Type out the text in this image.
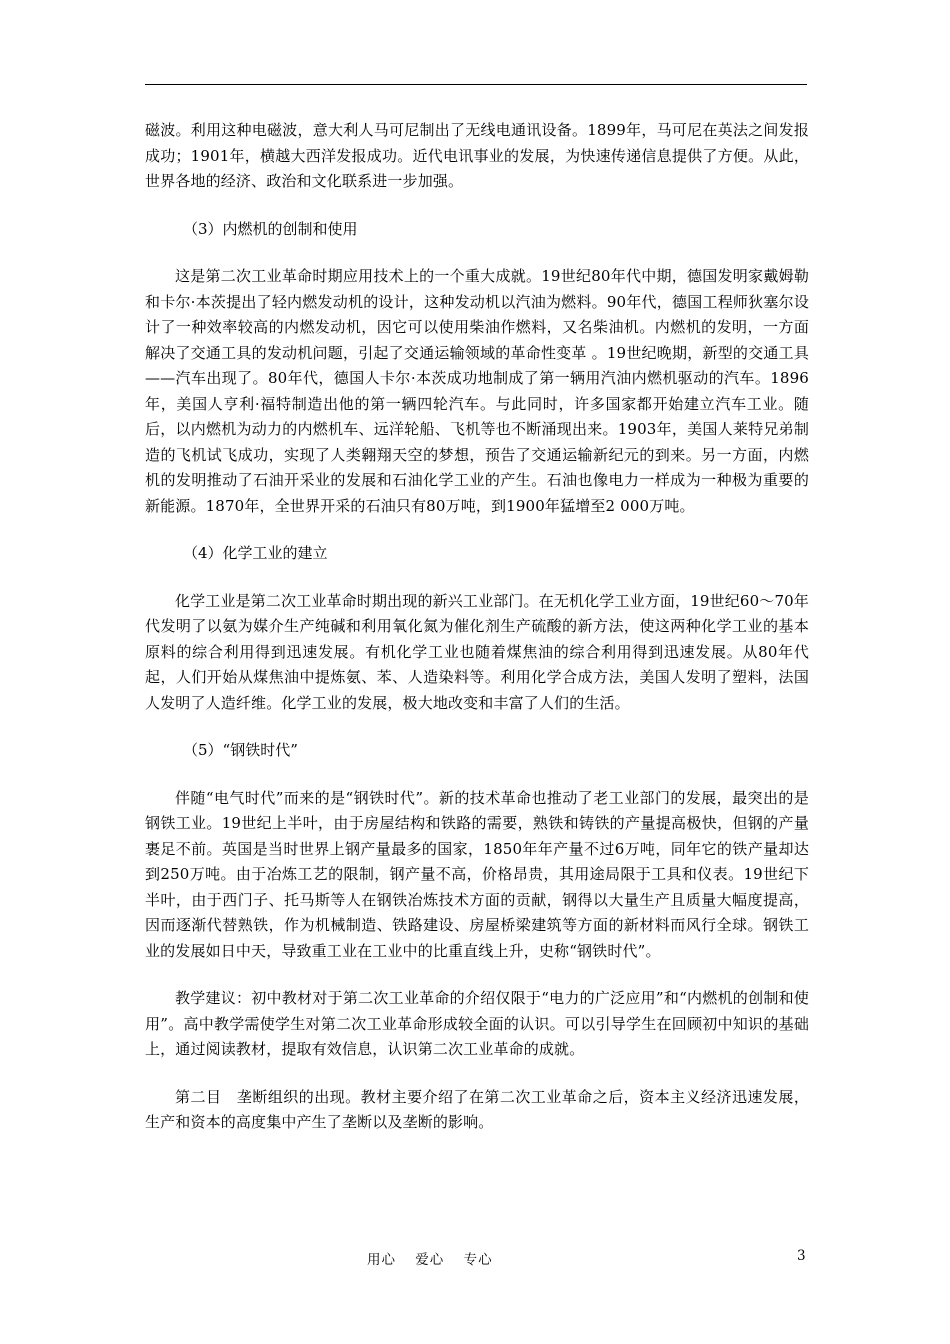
磁波。利用这种电磁波，意大利人马可尼制出了无线电通讯设备。1899年，马可尼在英法之间发报成功；1901年，横越大西洋发报成功。近代电讯事业的发展，为快速传递信息提供了方便。从此，世界各地的经济、政治和文化联系进一步加强。

（3）内燃机的创制和使用

这是第二次工业革命时期应用技术上的一个重大成就。19世纪80年代中期，德国发明家戴姆勒和卡尔·本茨提出了轻内燃发动机的设计，这种发动机以汽油为燃料。90年代，德国工程师狄塞尔设计了一种效率较高的内燃发动机，因它可以使用柴油作燃料，又名柴油机。内燃机的发明，一方面解决了交通工具的发动机问题，引起了交通运输领域的革命性变革 。19世纪晚期，新型的交通工具——汽车出现了。80年代，德国人卡尔·本茨成功地制成了第一辆用汽油内燃机驱动的汽车。1896年，美国人亨利·福特制造出他的第一辆四轮汽车。与此同时，许多国家都开始建立汽车工业。随后，以内燃机为动力的内燃机车、远洋轮船、飞机等也不断涌现出来。1903年，美国人莱特兄弟制造的飞机试飞成功，实现了人类翱翔天空的梦想，预告了交通运输新纪元的到来。另一方面，内燃机的发明推动了石油开采业的发展和石油化学工业的产生。石油也像电力一样成为一种极为重要的新能源。1870年，全世界开采的石油只有80万吨，到1900年猛增至2 000万吨。

（4）化学工业的建立

化学工业是第二次工业革命时期出现的新兴工业部门。在无机化学工业方面，19世纪60～70年代发明了以氨为媒介生产纯碱和利用氧化氮为催化剂生产硫酸的新方法，使这两种化学工业的基本原料的综合利用得到迅速发展。有机化学工业也随着煤焦油的综合利用得到迅速发展。从80年代起，人们开始从煤焦油中提炼氨、苯、人造染料等。利用化学合成方法，美国人发明了塑料，法国人发明了人造纤维。化学工业的发展，极大地改变和丰富了人们的生活。

（5）“钢铁时代”

伴随“电气时代”而来的是“钢铁时代”。新的技术革命也推动了老工业部门的发展，最突出的是钢铁工业。19世纪上半叶，由于房屋结构和铁路的需要，熟铁和铸铁的产量提高极快，但钢的产量裹足不前。英国是当时世界上钢产量最多的国家，1850年年产量不过6万吨，同年它的铁产量却达到250万吨。由于冶炼工艺的限制，钢产量不高，价格昂贵，其用途局限于工具和仪表。19世纪下半叶，由于西门子、托马斯等人在钢铁冶炼技术方面的贡献，钢得以大量生产且质量大幅度提高，因而逐渐代替熟铁，作为机械制造、铁路建设、房屋桥梁建筑等方面的新材料而风行全球。钢铁工业的发展如日中天，导致重工业在工业中的比重直线上升，史称“钢铁时代”。

教学建议：初中教材对于第二次工业革命的介绍仅限于“电力的广泛应用”和“内燃机的创制和使用”。高中教学需使学生对第二次工业革命形成较全面的认识。可以引导学生在回顾初中知识的基础上，通过阅读教材，提取有效信息，认识第二次工业革命的成就。

第二目　垄断组织的出现。教材主要介绍了在第二次工业革命之后，资本主义经济迅速发展，生产和资本的高度集中产生了垄断以及垄断的影响。

用心 爱心 专心	3
